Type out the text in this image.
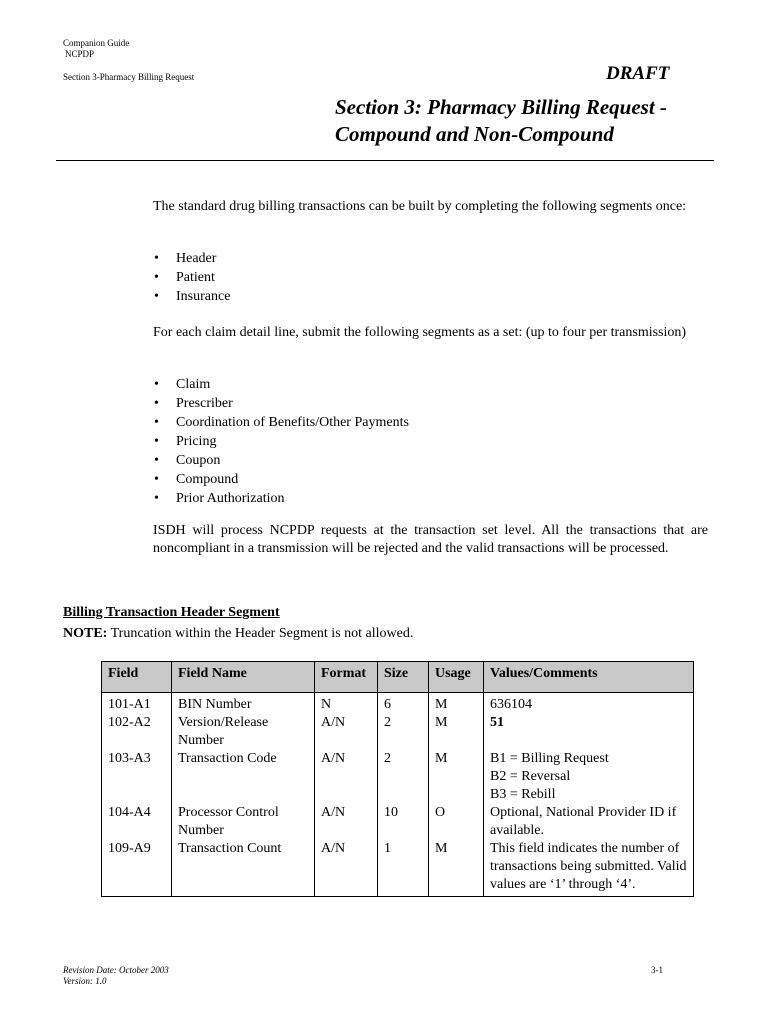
Companion Guide
NCPDP
Section 3-Pharmacy Billing Request	DRAFT
Section 3: Pharmacy Billing Request -
Compound and Non-Compound
The standard drug billing transactions can be built by completing the following segments once:
• Header
• Patient
• Insurance
For each claim detail line, submit the following segments as a set: (up to four per transmission)
• Claim
• Prescriber
• Coordination of Benefits/Other Payments
• Pricing
• Coupon
• Compound
• Prior Authorization
ISDH will process NCPDP requests at the transaction set level. All the transactions that are noncompliant in a transmission will be rejected and the valid transactions will be processed.
Billing Transaction Header Segment
NOTE: Truncation within the Header Segment is not allowed.
Field	Field Name	Format	Size	Usage	Values/Comments
101-A1	BIN Number	N	6	M	636104
102-A2	Version/Release Number	A/N	2	M	51
103-A3	Transaction Code	A/N	2	M	B1 = Billing Request
B2 = Reversal
B3 = Rebill

104-A4	Processor Control Number	A/N	10	O	Optional, National Provider ID if available.
109-A9	Transaction Count	A/N	1	M	This field indicates the number of transactions being submitted. Valid values are ‘1’ through ‘4’.
Revision Date: October 2003
Version: 1.0
3-1
